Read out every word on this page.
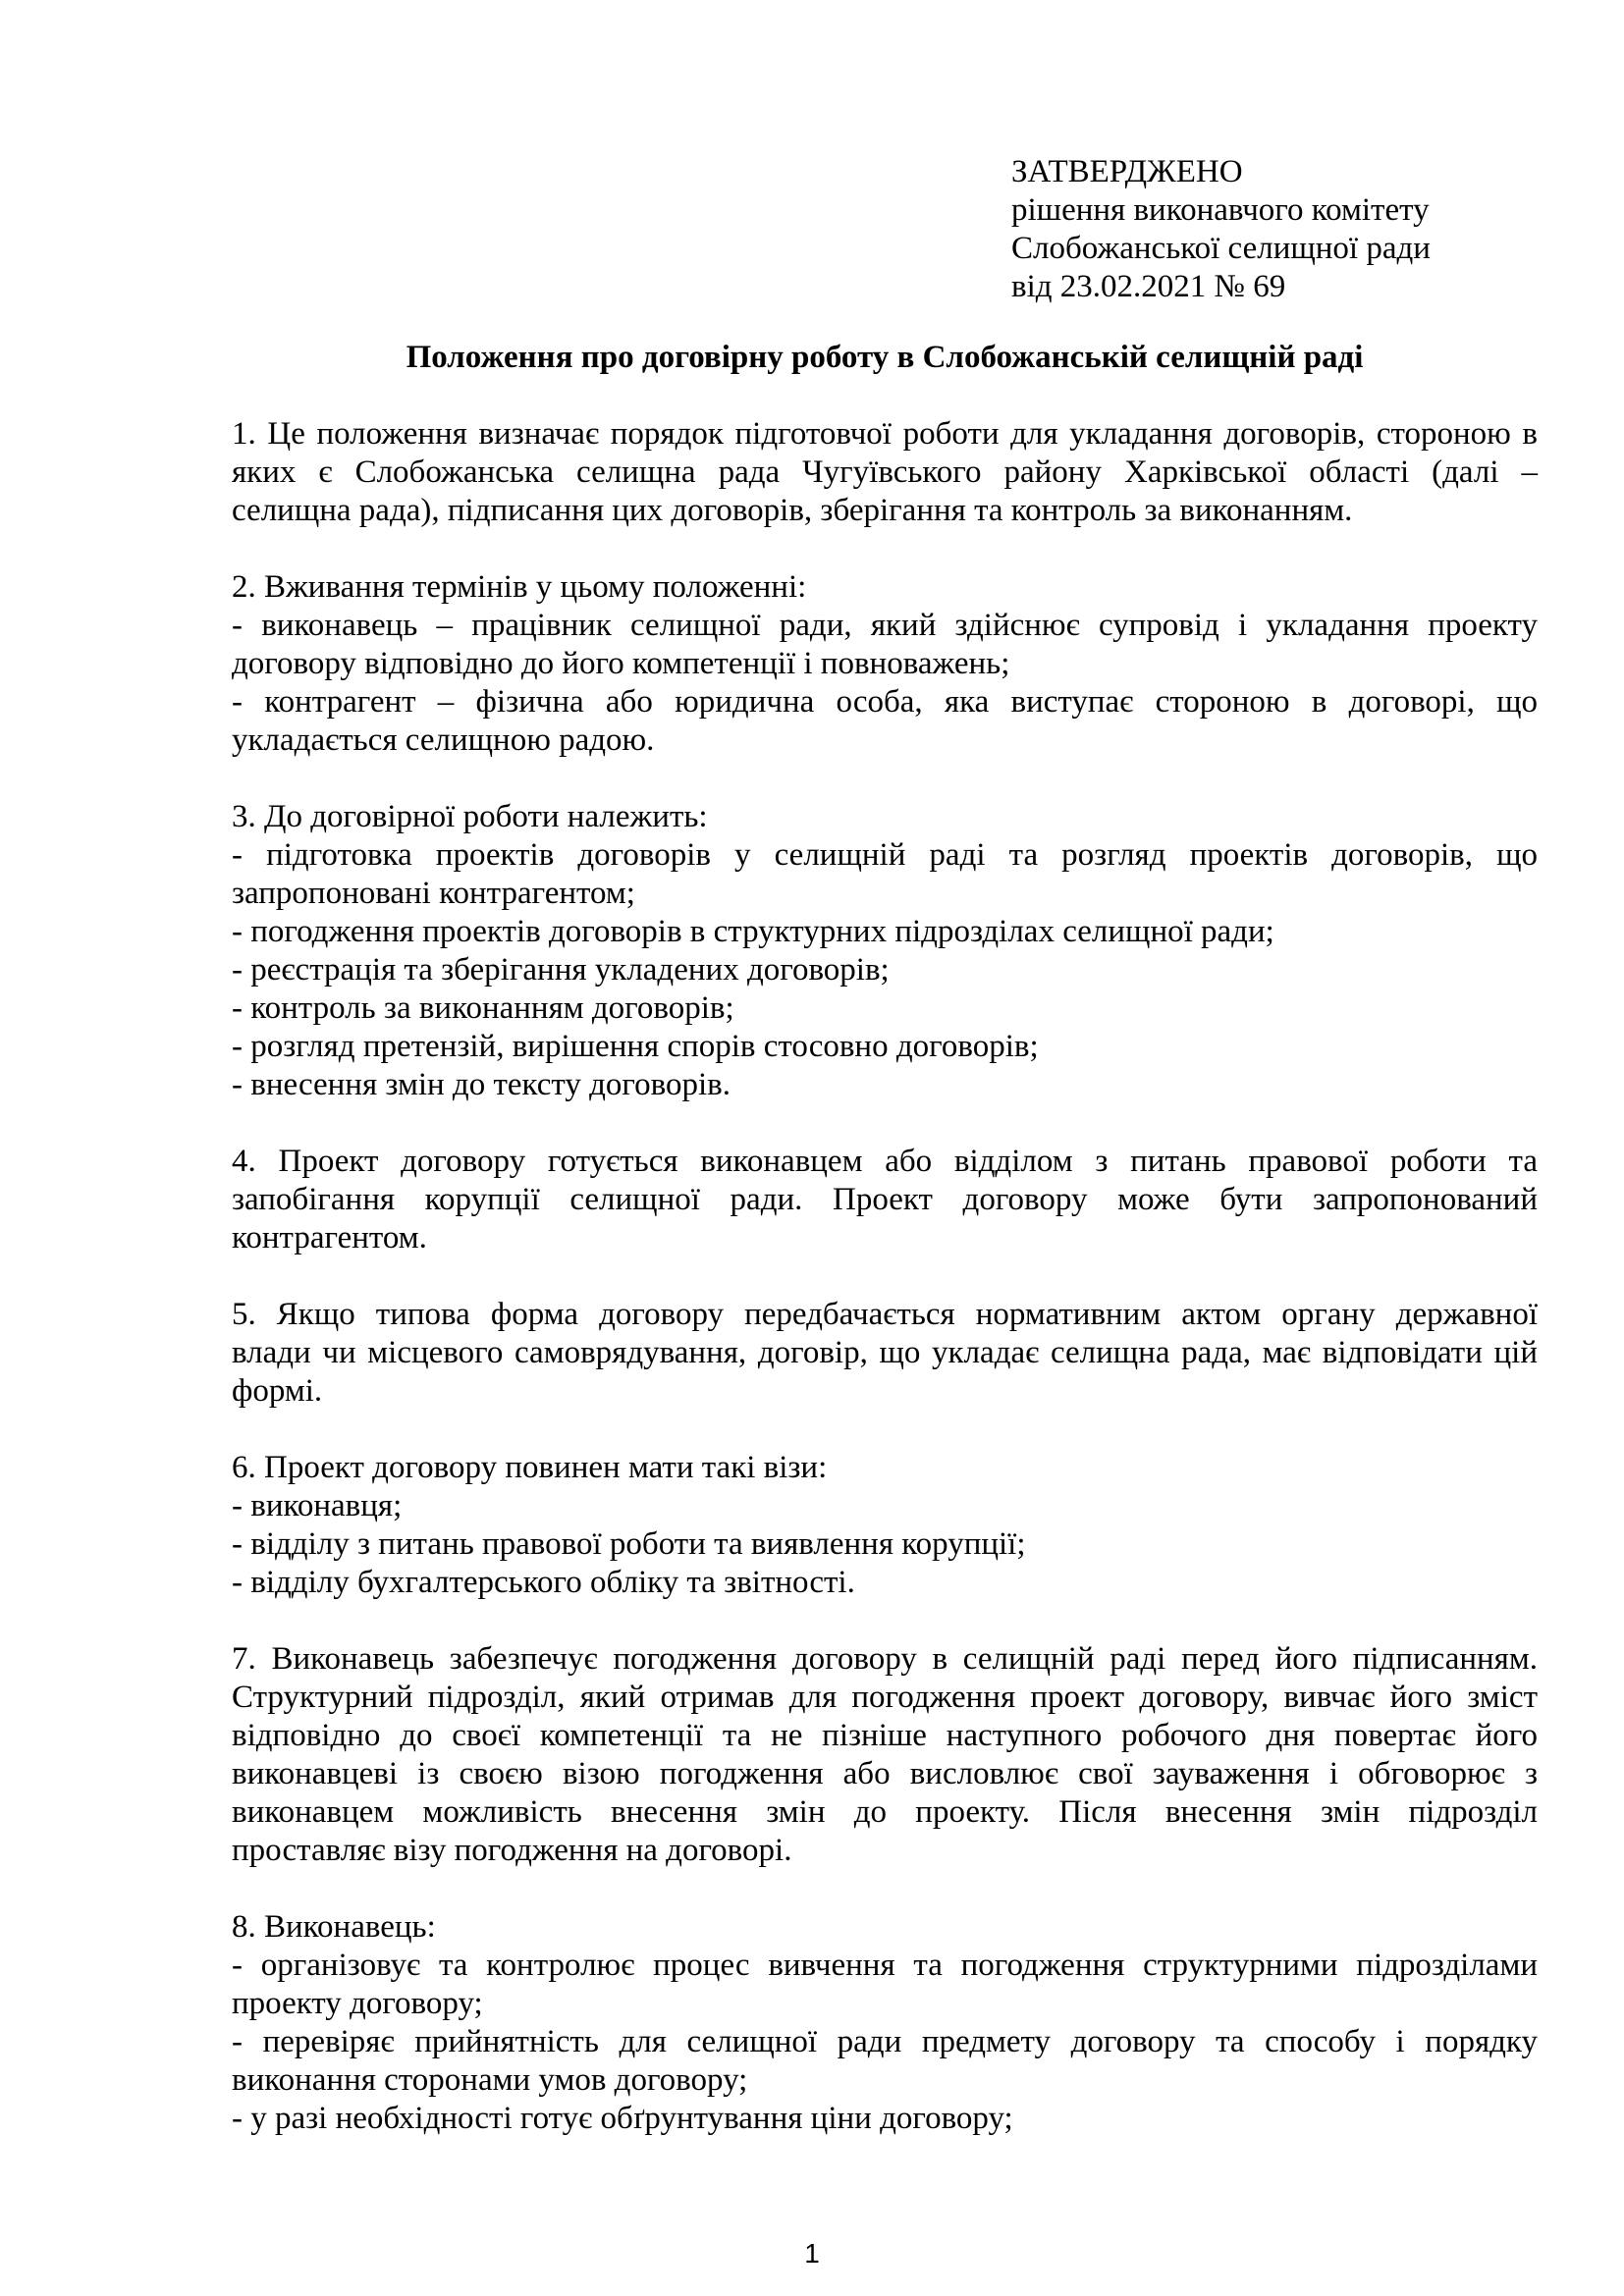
ЗАТВЕРДЖЕНО
рішення виконавчого комітету
Слобожанської селищної ради
від 23.02.2021 № 69
Положення про договірну роботу в Слобожанській селищній раді
1. Це положення визначає порядок підготовчої роботи для укладання договорів, стороною в
яких є Слобожанська селищна рада Чугуївського району Харківської області (далі –
селищна рада), підписання цих договорів, зберігання та контроль за виконанням.
2. Вживання термінів у цьому положенні:
- виконавець – працівник селищної ради, який здійснює супровід і укладання проекту
договору відповідно до його компетенції і повноважень;
- контрагент – фізична або юридична особа, яка виступає стороною в договорі, що
укладається селищною радою.
3. До договірної роботи належить:
- підготовка проектів договорів у селищній раді та розгляд проектів договорів, що
запропоновані контрагентом;
- погодження проектів договорів в структурних підрозділах селищної ради;
- реєстрація та зберігання укладених договорів;
- контроль за виконанням договорів;
- розгляд претензій, вирішення спорів стосовно договорів;
- внесення змін до тексту договорів.
4. Проект договору готується виконавцем або відділом з питань правової роботи та
запобігання корупції селищної ради. Проект договору може бути запропонований
контрагентом.
5. Якщо типова форма договору передбачається нормативним актом органу державної
влади чи місцевого самоврядування, договір, що укладає селищна рада, має відповідати цій
формі.
6. Проект договору повинен мати такі візи:
- виконавця;
- відділу з питань правової роботи та виявлення корупції;
- відділу бухгалтерського обліку та звітності.
7. Виконавець забезпечує погодження договору в селищній раді перед його підписанням.
Структурний підрозділ, який отримав для погодження проект договору, вивчає його зміст
відповідно до своєї компетенції та не пізніше наступного робочого дня повертає його
виконавцеві із своєю візою погодження або висловлює свої зауваження і обговорює з
виконавцем можливість внесення змін до проекту. Після внесення змін підрозділ
проставляє візу погодження на договорі.
8. Виконавець:
- організовує та контролює процес вивчення та погодження структурними підрозділами
проекту договору;
- перевіряє прийнятність для селищної ради предмету договору та способу і порядку
виконання сторонами умов договору;
- у разі необхідності готує обґрунтування ціни договору;
1
